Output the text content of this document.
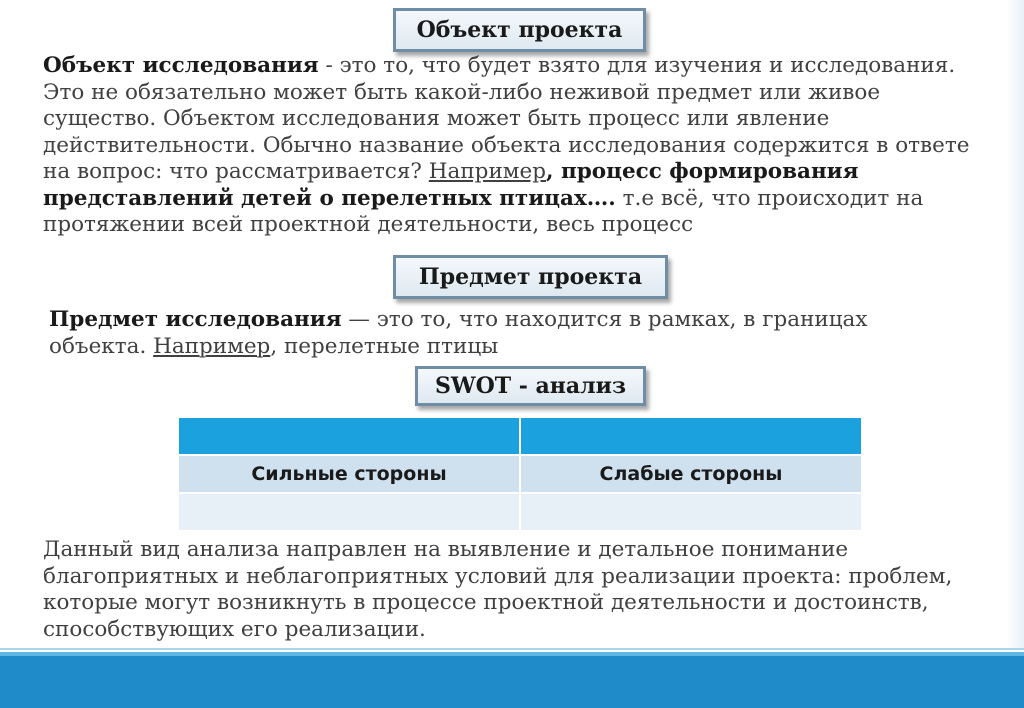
Объект проекта

Объект исследования - это то, что будет взято для изучения и исследования. Это не обязательно может быть какой-либо неживой предмет или живое существо. Объектом исследования может быть процесс или явление действительности. Обычно название объекта исследования содержится в ответе на вопрос: что рассматривается? Например, процесс формирования представлений детей о перелетных птицах…. т.е всё, что происходит на протяжении всей проектной деятельности, весь процесс

Предмет проекта

Предмет исследования — это то, что находится в рамках, в границах объекта. Например, перелетные птицы

SWOT - анализ

Сильные стороны	Слабые стороны

Данный вид анализа направлен на выявление и детальное понимание благоприятных и неблагоприятных условий для реализации проекта: проблем, которые могут возникнуть в процессе проектной деятельности и достоинств, способствующих его реализации.
